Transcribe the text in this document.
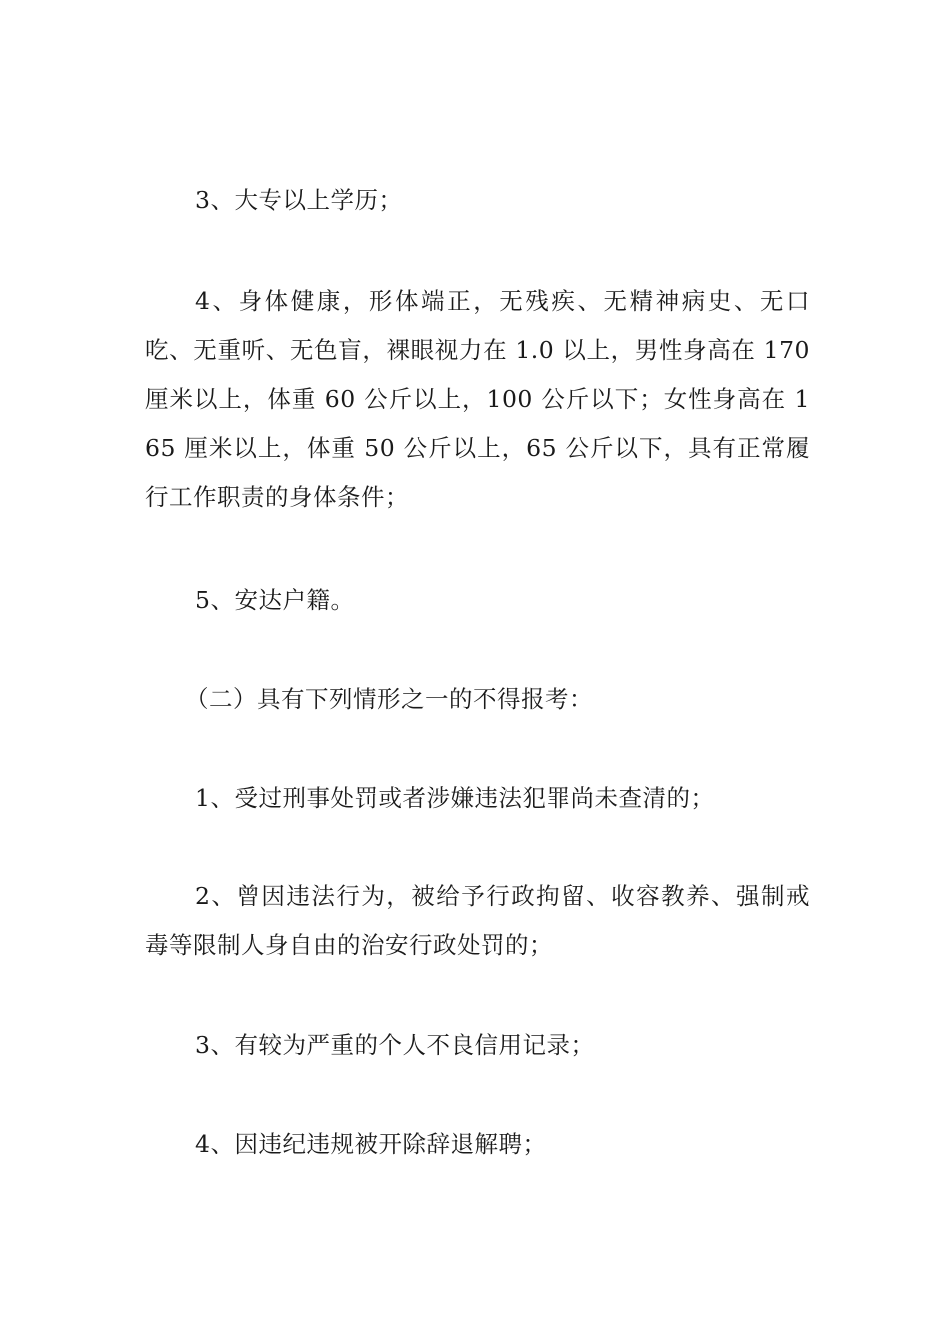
3、大专以上学历；

4、身体健康，形体端正，无残疾、无精神病史、无口吃、无重听、无色盲，裸眼视力在 1.0 以上，男性身高在 170 厘米以上，体重 60 公斤以上，100 公斤以下；女性身高在 165 厘米以上，体重 50 公斤以上，65 公斤以下，具有正常履行工作职责的身体条件；

5、安达户籍。

（二）具有下列情形之一的不得报考：

1、受过刑事处罚或者涉嫌违法犯罪尚未查清的；

2、曾因违法行为，被给予行政拘留、收容教养、强制戒毒等限制人身自由的治安行政处罚的；

3、有较为严重的个人不良信用记录；

4、因违纪违规被开除辞退解聘；
